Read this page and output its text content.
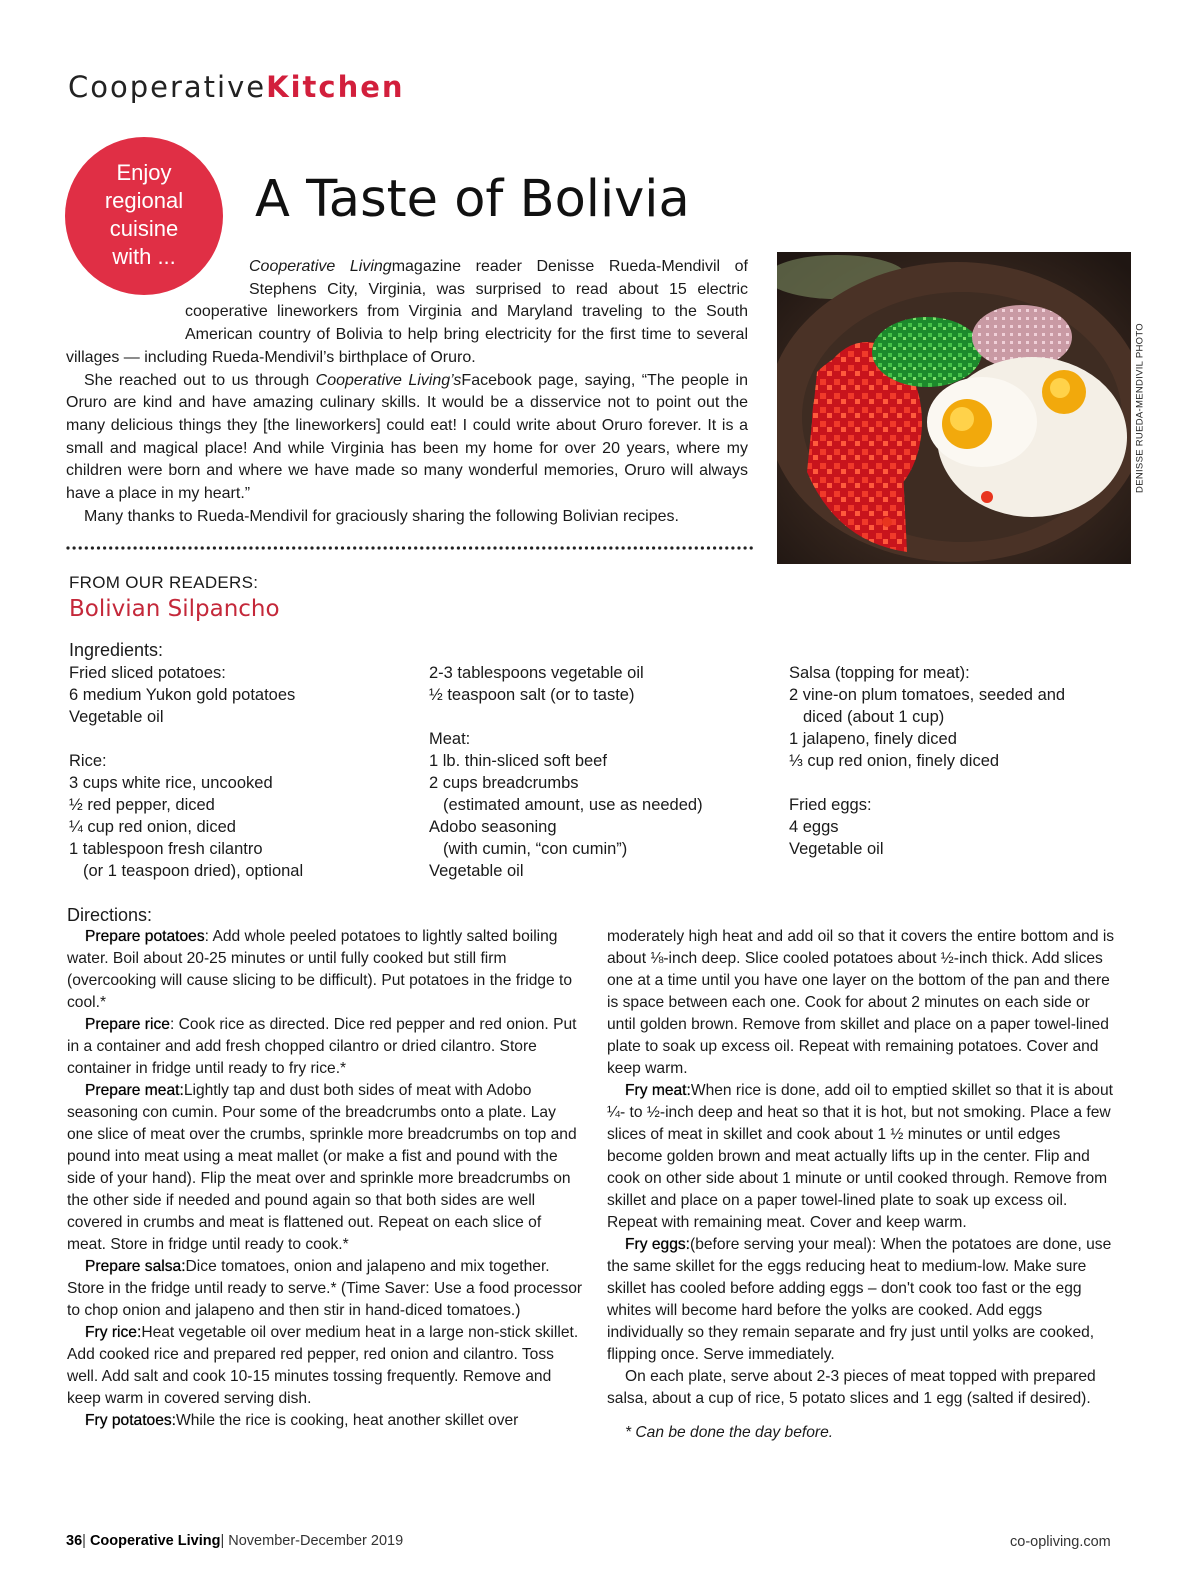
CooperativeKitchen
Enjoy
regional
cuisine
with ...
A Taste of Bolivia

Cooperative Livingmagazine reader Denisse Rueda-Mendivil of Stephens City, Virginia, was surprised to read about 15 electric cooperative lineworkers from Virginia and Maryland traveling to the South American country of Bolivia to help bring electricity for the first time to several villages — including Rueda-Mendivil’s birthplace of Oruro.

She reached out to us through Cooperative Living’sFacebook page, saying, “The people in Oruro are kind and have amazing culinary skills. It would be a disservice not to point out the many delicious things they [the lineworkers] could eat! I could write about Oruro forever. It is a small and magical place! And while Virginia has been my home for over 20 years, where my children were born and where we have made so many wonderful memories, Oruro will always have a place in my heart.”

Many thanks to Rueda-Mendivil for graciously sharing the following Bolivian recipes.

DENISSE RUEDA-MENDIVIL PHOTO
FROM OUR READERS:
Bolivian Silpancho
Ingredients:
Fried sliced potatoes:
6 medium Yukon gold potatoes
Vegetable oil
Rice:
3 cups white rice, uncooked
½ red pepper, diced
¼ cup red onion, diced
1 tablespoon fresh cilantro
(or 1 teaspoon dried), optional
2-3 tablespoons vegetable oil
½ teaspoon salt (or to taste)
Meat:
1 lb. thin-sliced soft beef
2 cups breadcrumbs
(estimated amount, use as needed)
Adobo seasoning
(with cumin, “con cumin”)
Vegetable oil
Salsa (topping for meat):
2 vine-on plum tomatoes, seeded and
diced (about 1 cup)
1 jalapeno, finely diced
⅓ cup red onion, finely diced
Fried eggs:
4 eggs
Vegetable oil
Directions:

Prepare potatoes: Add whole peeled potatoes to lightly salted boiling water. Boil about 20-25 minutes or until fully cooked but still firm (overcooking will cause slicing to be difficult). Put potatoes in the fridge to cool.*

Prepare rice: Cook rice as directed. Dice red pepper and red onion. Put in a container and add fresh chopped cilantro or dried cilantro. Store container in fridge until ready to fry rice.*

Prepare meat:Lightly tap and dust both sides of meat with Adobo seasoning con cumin. Pour some of the breadcrumbs onto a plate. Lay one slice of meat over the crumbs, sprinkle more breadcrumbs on top and pound into meat using a meat mallet (or make a fist and pound with the side of your hand). Flip the meat over and sprinkle more breadcrumbs on the other side if needed and pound again so that both sides are well covered in crumbs and meat is flattened out. Repeat on each slice of meat. Store in fridge until ready to cook.*

Prepare salsa:Dice tomatoes, onion and jalapeno and mix together. Store in the fridge until ready to serve.* (Time Saver: Use a food processor to chop onion and jalapeno and then stir in hand-diced tomatoes.)

Fry rice:Heat vegetable oil over medium heat in a large non-stick skillet. Add cooked rice and prepared red pepper, red onion and cilantro. Toss well. Add salt and cook 10-15 minutes tossing frequently. Remove and keep warm in covered serving dish.

Fry potatoes:While the rice is cooking, heat another skillet over

moderately high heat and add oil so that it covers the entire bottom and is about ⅛-inch deep. Slice cooled potatoes about ½-inch thick. Add slices one at a time until you have one layer on the bottom of the pan and there is space between each one. Cook for about 2 minutes on each side or until golden brown. Remove from skillet and place on a paper towel-lined plate to soak up excess oil. Repeat with remaining potatoes. Cover and keep warm.

Fry meat:When rice is done, add oil to emptied skillet so that it is about ¼- to ½-inch deep and heat so that it is hot, but not smoking. Place a few slices of meat in skillet and cook about 1 ½ minutes or until edges become golden brown and meat actually lifts up in the center. Flip and cook on other side about 1 minute or until cooked through. Remove from skillet and place on a paper towel-lined plate to soak up excess oil. Repeat with remaining meat. Cover and keep warm.

Fry eggs:(before serving your meal): When the potatoes are done, use the same skillet for the eggs reducing heat to medium-low. Make sure skillet has cooled before adding eggs – don't cook too fast or the egg whites will become hard before the yolks are cooked. Add eggs individually so they remain separate and fry just until yolks are cooked, flipping once. Serve immediately.

On each plate, serve about 2-3 pieces of meat topped with prepared salsa, about a cup of rice, 5 potato slices and 1 egg (salted if desired).

* Can be done the day before.

36| Cooperative Living| November-December 2019	co-opliving.com
